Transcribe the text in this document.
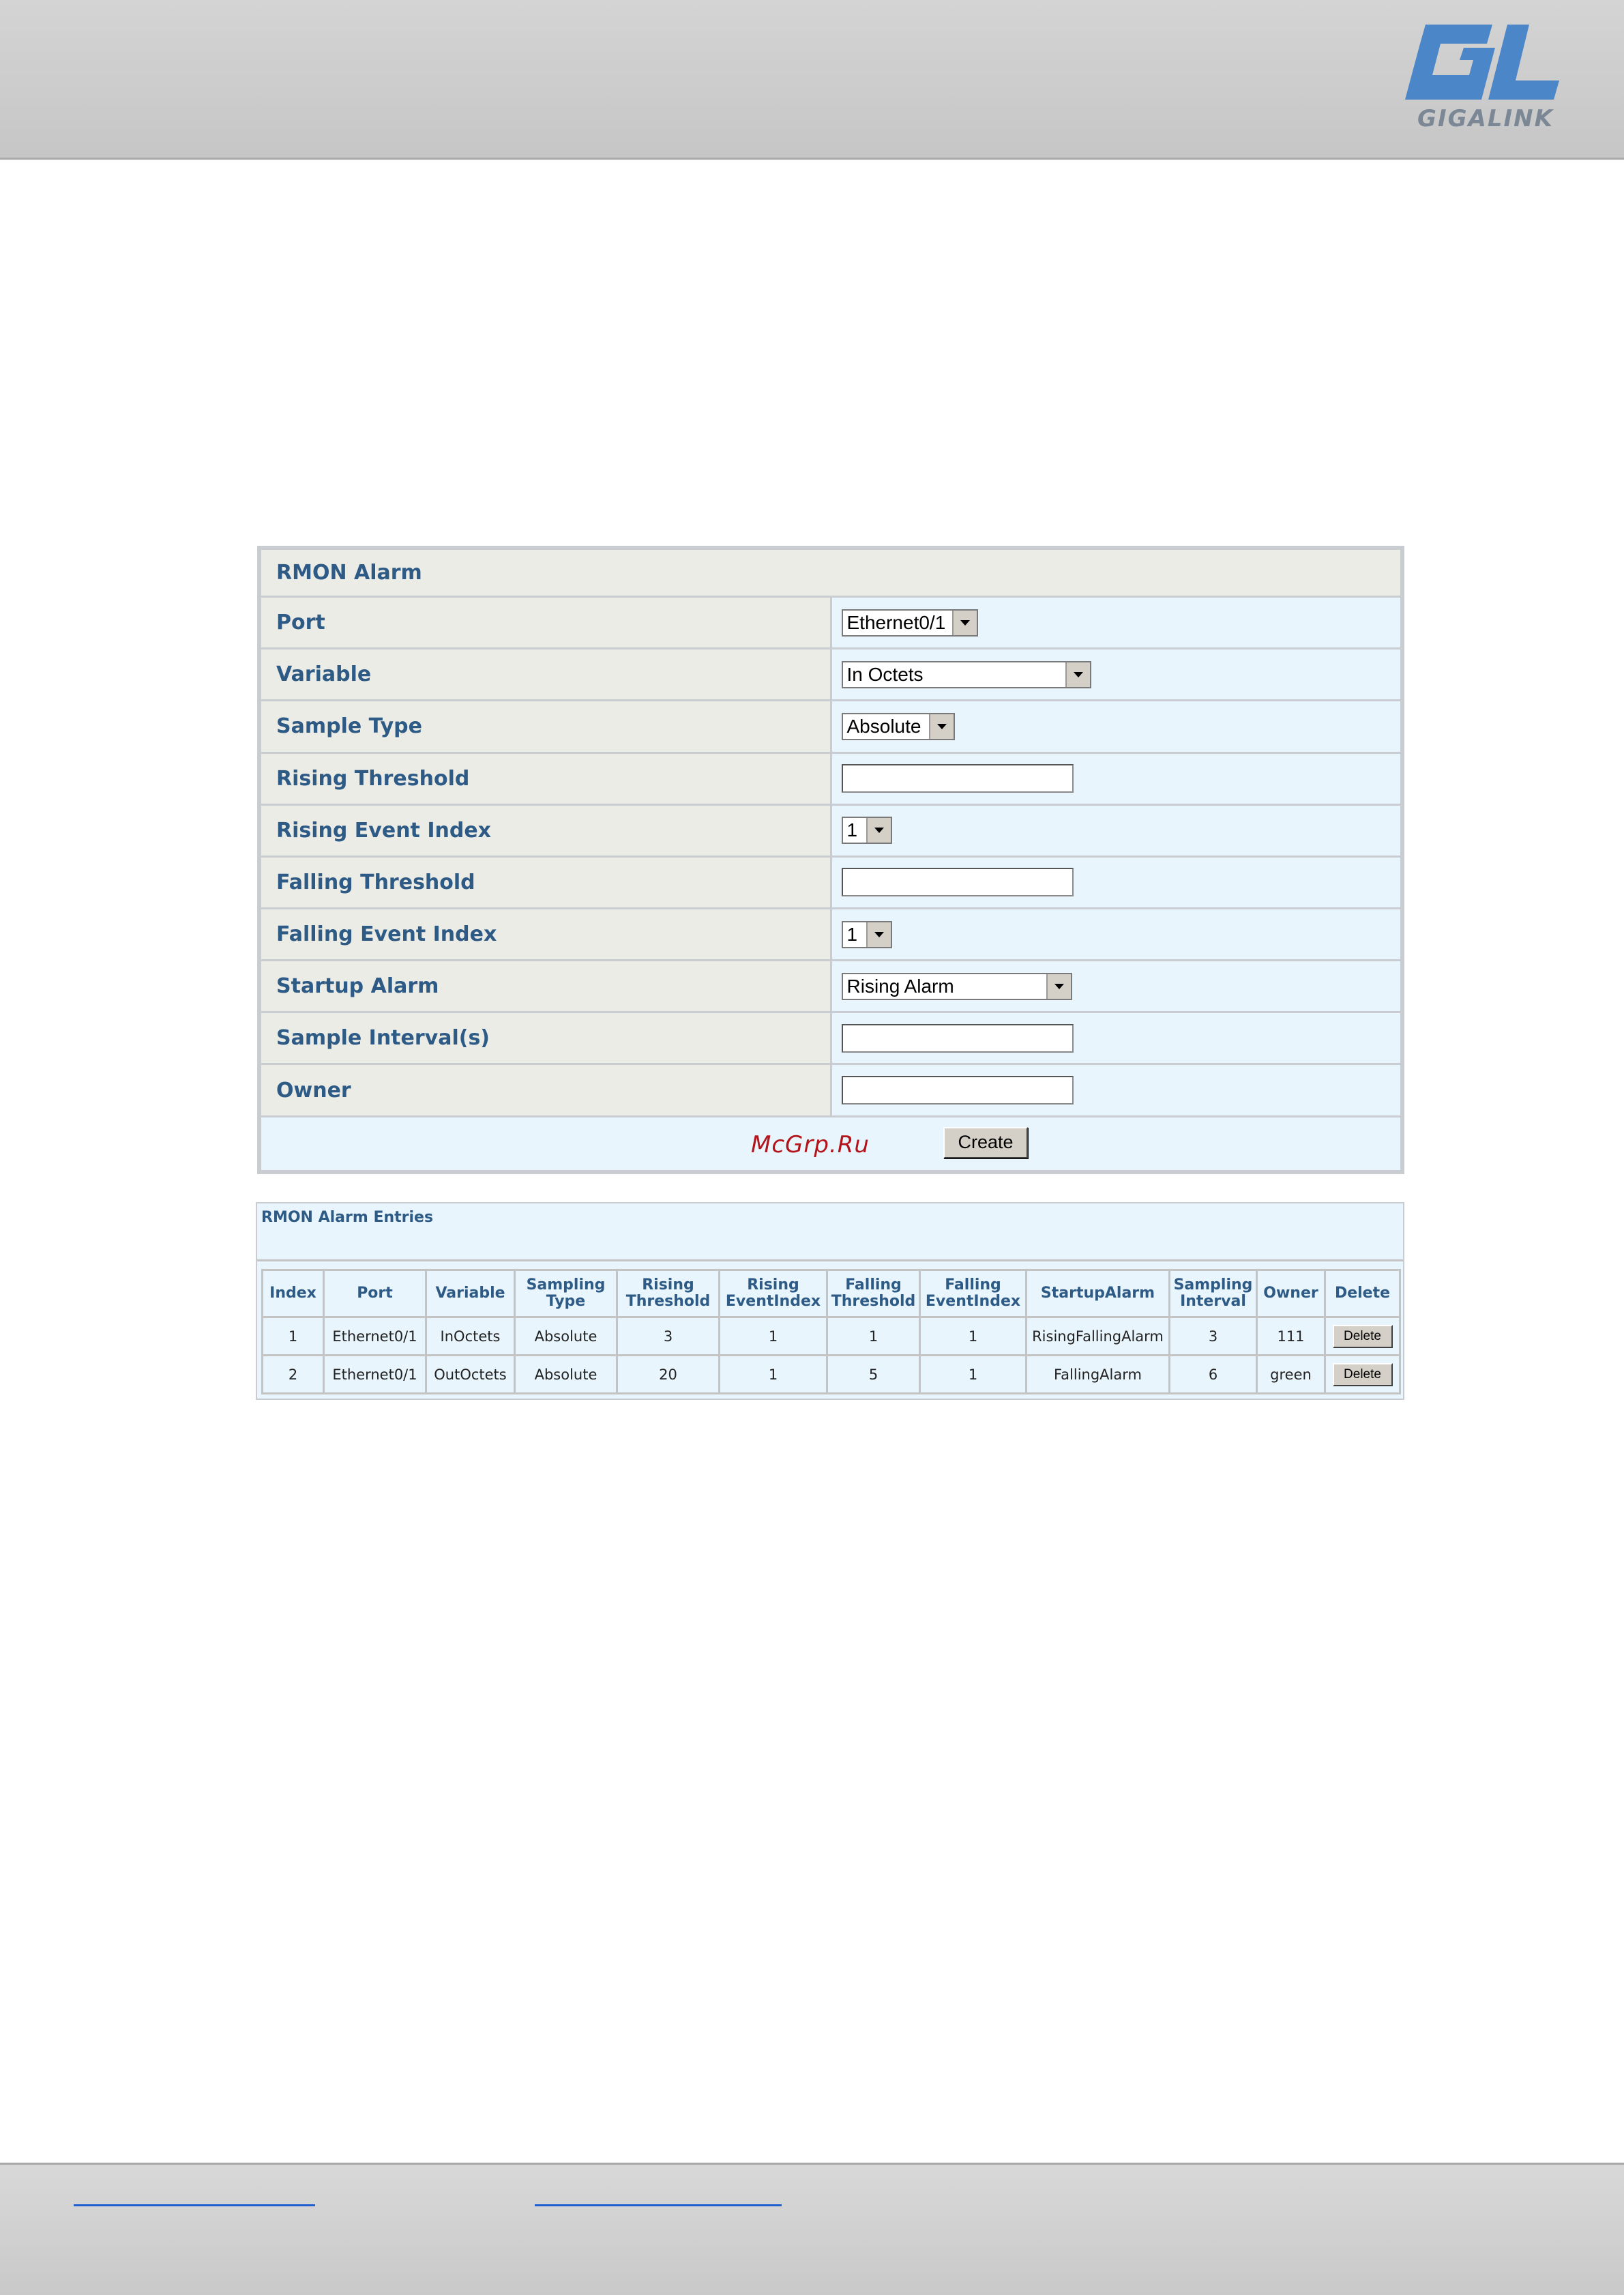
GIGALINK
RMON Alarm	
Port	Ethernet0/1

Variable	In Octets

Sample Type	Absolute

Rising Threshold	
Rising Event Index	1

Falling Threshold	
Falling Event Index	1

Startup Alarm	Rising Alarm

Sample Interval(s)	
Owner	

McGrp.Ru Create	
RMON Alarm Entries
Index	Port	Variable	Sampling Type	Rising Threshold	Rising EventIndex	Falling Threshold	Falling EventIndex	StartupAlarm	Sampling Interval	Owner	Delete
1	Ethernet0/1	InOctets	Absolute	3	1	1	1	RisingFallingAlarm	3	111	Delete
2	Ethernet0/1	OutOctets	Absolute	20	1	5	1	FallingAlarm	6	green	Delete
